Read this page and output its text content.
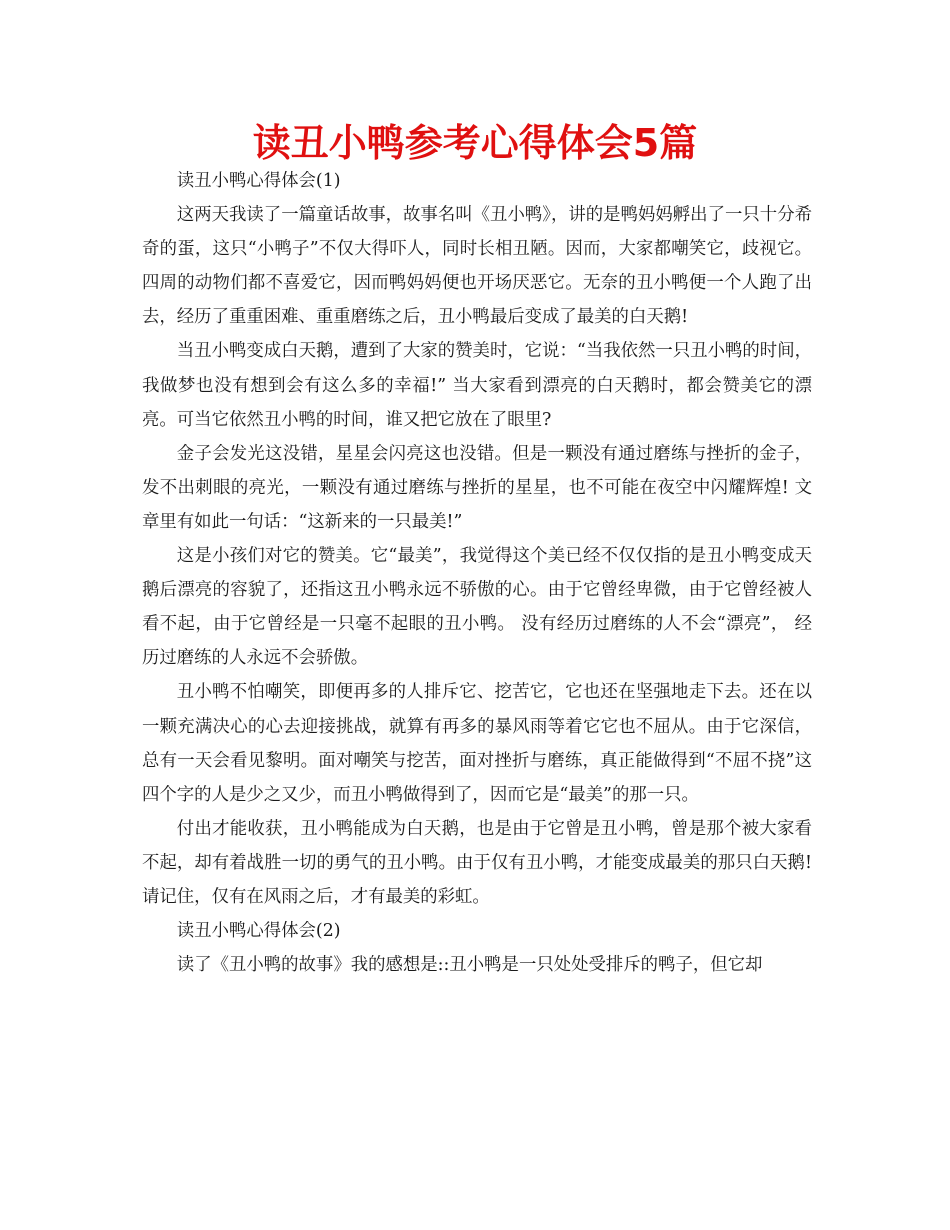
读丑小鸭参考心得体会5篇

读丑小鸭心得体会(1)

这两天我读了一篇童话故事，故事名叫《丑小鸭》，讲的是鸭妈妈孵出了一只十分希奇的蛋，这只“小鸭子”不仅大得吓人，同时长相丑陋。因而，大家都嘲笑它，歧视它。四周的动物们都不喜爱它，因而鸭妈妈便也开场厌恶它。无奈的丑小鸭便一个人跑了出去，经历了重重困难、重重磨练之后，丑小鸭最后变成了最美的白天鹅!

当丑小鸭变成白天鹅，遭到了大家的赞美时，它说：“当我依然一只丑小鸭的时间，我做梦也没有想到会有这么多的幸福!” 当大家看到漂亮的白天鹅时，都会赞美它的漂亮。可当它依然丑小鸭的时间，谁又把它放在了眼里?

金子会发光这没错，星星会闪亮这也没错。但是一颗没有通过磨练与挫折的金子，发不出刺眼的亮光，一颗没有通过磨练与挫折的星星，也不可能在夜空中闪耀辉煌! 文章里有如此一句话：“这新来的一只最美!”

这是小孩们对它的赞美。它“最美”，我觉得这个美已经不仅仅指的是丑小鸭变成天鹅后漂亮的容貌了，还指这丑小鸭永远不骄傲的心。由于它曾经卑微，由于它曾经被人看不起，由于它曾经是一只毫不起眼的丑小鸭。 没有经历过磨练的人不会“漂亮”， 经历过磨练的人永远不会骄傲。

丑小鸭不怕嘲笑，即便再多的人排斥它、挖苦它，它也还在坚强地走下去。还在以一颗充满决心的心去迎接挑战，就算有再多的暴风雨等着它它也不屈从。由于它深信，总有一天会看见黎明。面对嘲笑与挖苦，面对挫折与磨练，真正能做得到“不屈不挠”这四个字的人是少之又少，而丑小鸭做得到了，因而它是“最美”的那一只。

付出才能收获，丑小鸭能成为白天鹅，也是由于它曾是丑小鸭，曾是那个被大家看不起，却有着战胜一切的勇气的丑小鸭。由于仅有丑小鸭，才能变成最美的那只白天鹅! 请记住，仅有在风雨之后，才有最美的彩虹。

读丑小鸭心得体会(2)

读了《丑小鸭的故事》我的感想是::丑小鸭是一只处处受排斥的鸭子，但它却
